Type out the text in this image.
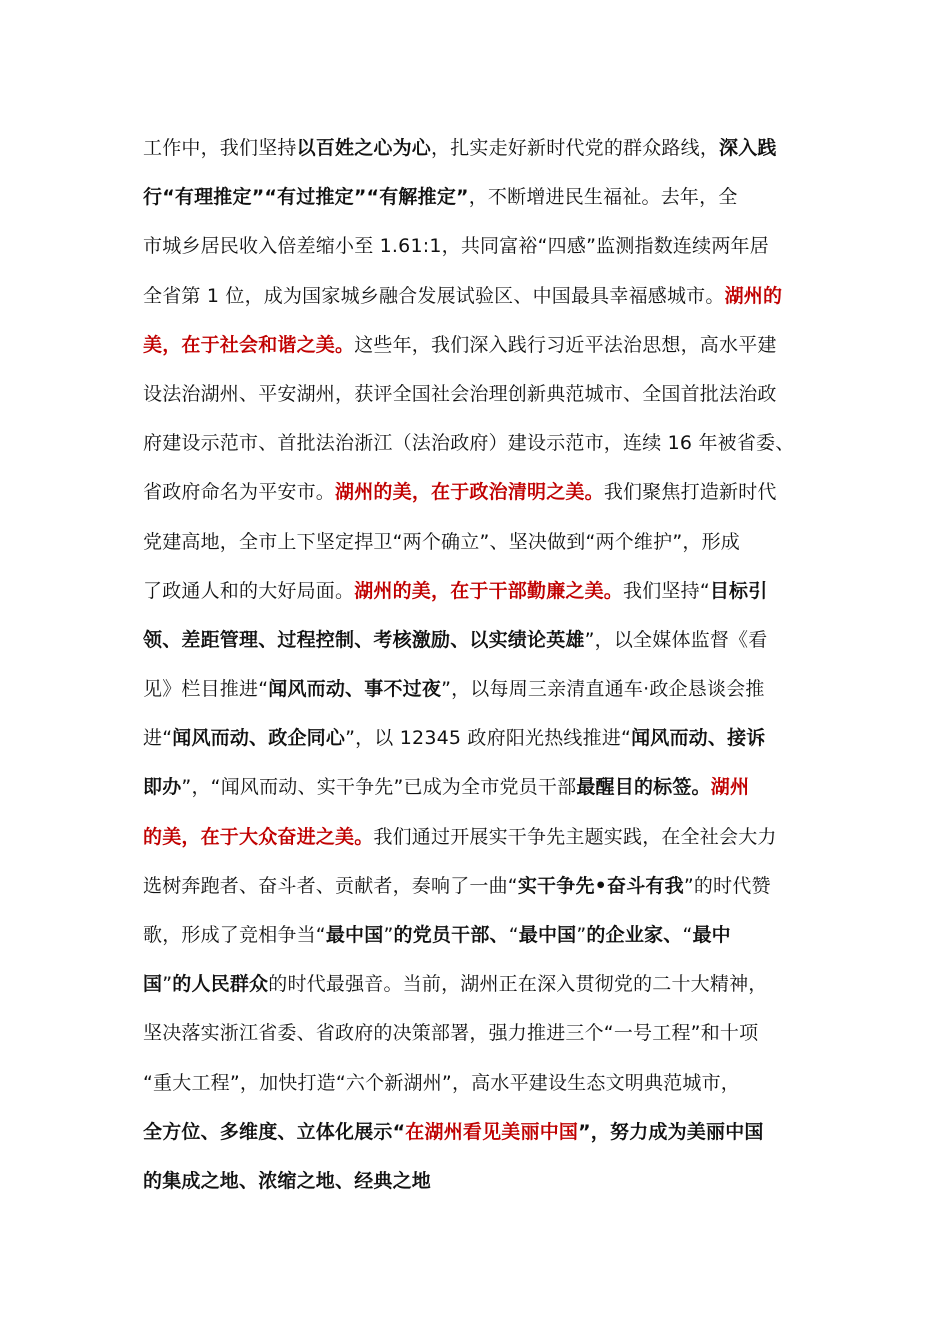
工作中，我们坚持以百姓之心为心，扎实走好新时代党的群众路线，深入践
行“有理推定”“有过推定”“有解推定”，不断增进民生福祉。去年，全
市城乡居民收入倍差缩小至 1.61:1，共同富裕“四感”监测指数连续两年居
全省第 1 位，成为国家城乡融合发展试验区、中国最具幸福感城市。湖州的
美，在于社会和谐之美。这些年，我们深入践行习近平法治思想，高水平建
设法治湖州、平安湖州，获评全国社会治理创新典范城市、全国首批法治政
府建设示范市、首批法治浙江（法治政府）建设示范市，连续 16 年被省委、
省政府命名为平安市。湖州的美，在于政治清明之美。我们聚焦打造新时代
党建高地，全市上下坚定捍卫“两个确立”、坚决做到“两个维护”，形成
了政通人和的大好局面。湖州的美，在于干部勤廉之美。我们坚持“目标引
领、差距管理、过程控制、考核激励、以实绩论英雄”，以全媒体监督《看
见》栏目推进“闻风而动、事不过夜”，以每周三亲清直通车·政企恳谈会推
进“闻风而动、政企同心”，以 12345 政府阳光热线推进“闻风而动、接诉
即办”，“闻风而动、实干争先”已成为全市党员干部最醒目的标签。湖州
的美，在于大众奋进之美。我们通过开展实干争先主题实践，在全社会大力
选树奔跑者、奋斗者、贡献者，奏响了一曲“实干争先•奋斗有我”的时代赞
歌，形成了竞相争当“最中国”的党员干部、“最中国”的企业家、“最中
国”的人民群众的时代最强音。当前，湖州正在深入贯彻党的二十大精神，
坚决落实浙江省委、省政府的决策部署，强力推进三个“一号工程”和十项
“重大工程”，加快打造“六个新湖州”，高水平建设生态文明典范城市，
全方位、多维度、立体化展示“在湖州看见美丽中国”，努力成为美丽中国
的集成之地、浓缩之地、经典之地
